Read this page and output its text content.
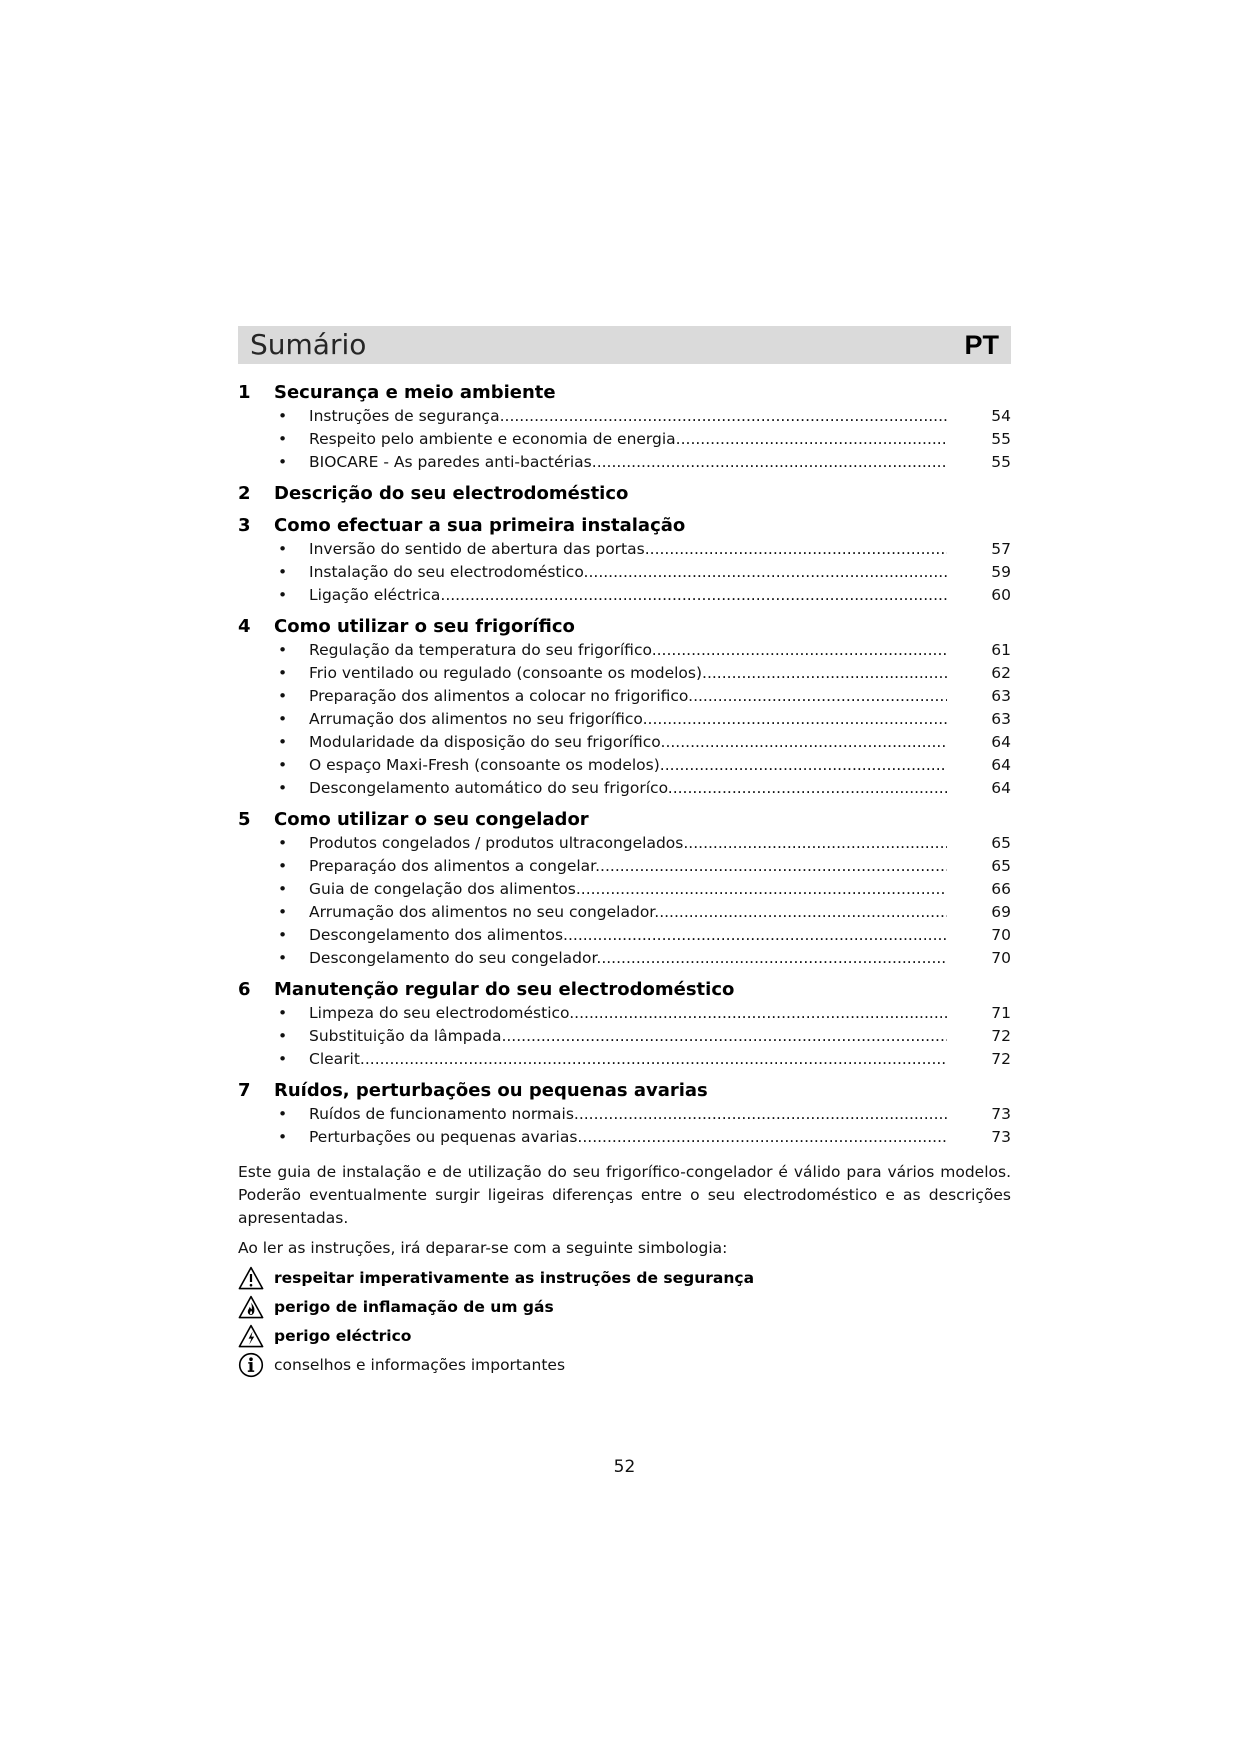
Sumário	PT
1	Securança e meio ambiente
•
Instruções de segurança .....	54
•
Respeito pelo ambiente e economia de energia .....	55
•
BIOCARE - As paredes anti-bactérias .....	55
2	Descrição do seu electrodoméstico
3	Como efectuar a sua primeira instalação
•
Inversão do sentido de abertura das portas .....	57
•
Instalação do seu electrodoméstico .....	59
•
Ligação eléctrica .....	60
4	Como utilizar o seu frigorífico
•
Regulação da temperatura do seu frigorífico .....	61
•
Frio ventilado ou regulado (consoante os modelos) .....	62
•
Preparação dos alimentos a colocar no frigorifico .....	63
•
Arrumação dos alimentos no seu frigorífico .....	63
•
Modularidade da disposição do seu frigorífico .....	64
•
O espaço Maxi-Fresh (consoante os modelos) .....	64
•
Descongelamento automático do seu frigoríco .....	64
5	Como utilizar o seu congelador
•
Produtos congelados / produtos ultracongelados .....	65
•
Preparaçáo dos alimentos a congelar .....	65
•
Guia de congelação dos alimentos .....	66
•
Arrumação dos alimentos no seu congelador .....	69
•
Descongelamento dos alimentos .....	70
•
Descongelamento do seu congelador .....	70
6	Manutenção regular do seu electrodoméstico
•
Limpeza do seu electrodoméstico .....	71
•
Substituição da lâmpada .....	72
•
Clearit .....	72
7	Ruídos, perturbações ou pequenas avarias
•
Ruídos de funcionamento normais .....	73
•
Perturbações ou pequenas avarias .....	73
Este guia de instalação e de utilização do seu frigorífico-congelador é válido para vários modelos.
Poderão eventualmente surgir ligeiras diferenças entre o seu electrodoméstico e as descrições
apresentadas.
Ao ler as instruções, irá deparar-se com a seguinte simbologia:
respeitar imperativamente as instruções de segurança
perigo de inflamação de um gás
perigo eléctrico
conselhos e informações importantes
52
